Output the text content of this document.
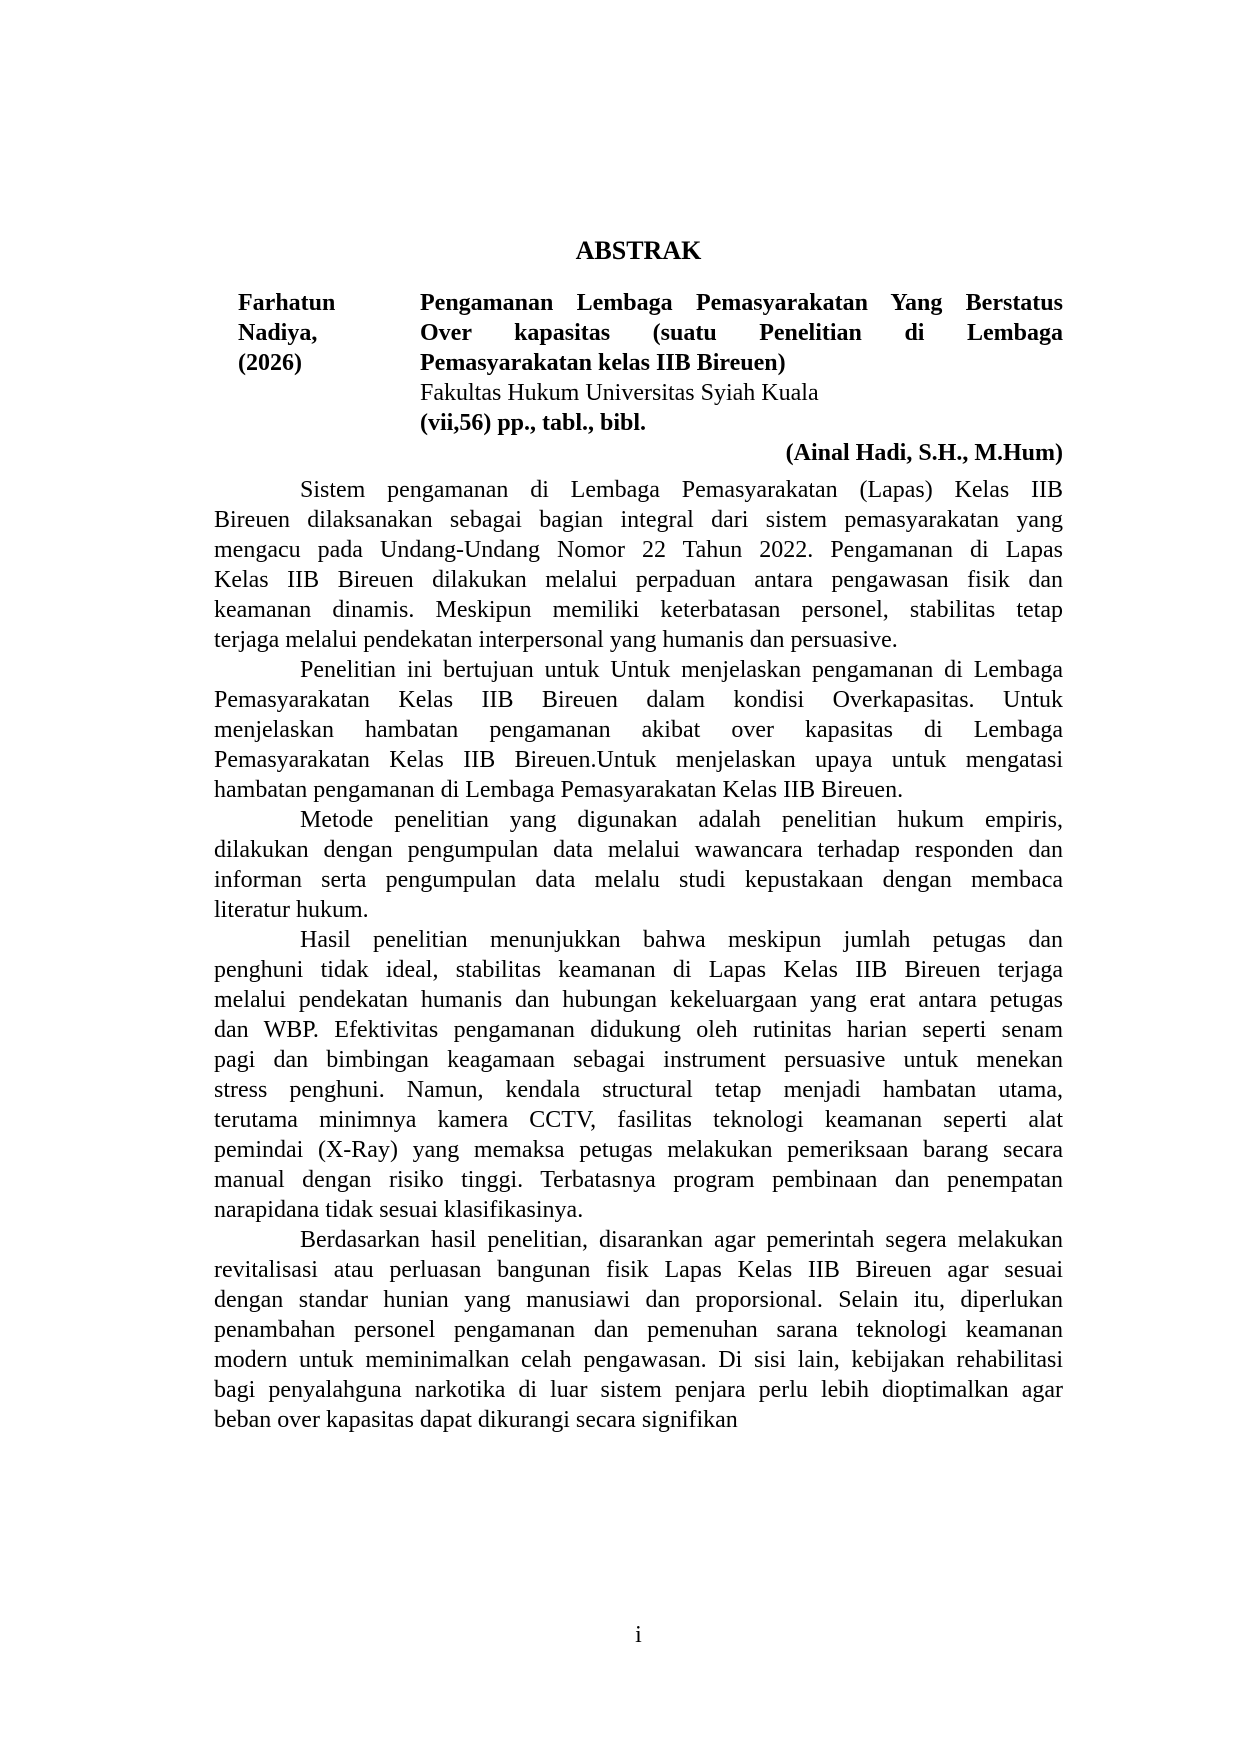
ABSTRAK
Farhatun
Nadiya,
(2026)
Pengamanan Lembaga Pemasyarakatan Yang Berstatus
Over kapasitas (suatu Penelitian di Lembaga
Pemasyarakatan kelas IIB Bireuen)
Fakultas Hukum Universitas Syiah Kuala
(vii,56) pp., tabl., bibl.
(Ainal Hadi, S.H., M.Hum)
Sistem pengamanan di Lembaga Pemasyarakatan (Lapas) Kelas IIB
Bireuen dilaksanakan sebagai bagian integral dari sistem pemasyarakatan yang
mengacu pada Undang-Undang Nomor 22 Tahun 2022. Pengamanan di Lapas
Kelas IIB Bireuen dilakukan melalui perpaduan antara pengawasan fisik dan
keamanan dinamis. Meskipun memiliki keterbatasan personel, stabilitas tetap
terjaga melalui pendekatan interpersonal yang humanis dan persuasive.
Penelitian ini bertujuan untuk Untuk menjelaskan pengamanan di Lembaga
Pemasyarakatan Kelas IIB Bireuen dalam kondisi Overkapasitas. Untuk
menjelaskan hambatan pengamanan akibat over kapasitas di Lembaga
Pemasyarakatan Kelas IIB Bireuen.Untuk menjelaskan upaya untuk mengatasi
hambatan pengamanan di Lembaga Pemasyarakatan Kelas IIB Bireuen.
Metode penelitian yang digunakan adalah penelitian hukum empiris,
dilakukan dengan pengumpulan data melalui wawancara terhadap responden dan
informan serta pengumpulan data melalu studi kepustakaan dengan membaca
literatur hukum.
Hasil penelitian menunjukkan bahwa meskipun jumlah petugas dan
penghuni tidak ideal, stabilitas keamanan di Lapas Kelas IIB Bireuen terjaga
melalui pendekatan humanis dan hubungan kekeluargaan yang erat antara petugas
dan WBP. Efektivitas pengamanan didukung oleh rutinitas harian seperti senam
pagi dan bimbingan keagamaan sebagai instrument persuasive untuk menekan
stress penghuni. Namun, kendala structural tetap menjadi hambatan utama,
terutama minimnya kamera CCTV, fasilitas teknologi keamanan seperti alat
pemindai (X-Ray) yang memaksa petugas melakukan pemeriksaan barang secara
manual dengan risiko tinggi. Terbatasnya program pembinaan dan penempatan
narapidana tidak sesuai klasifikasinya.
Berdasarkan hasil penelitian, disarankan agar pemerintah segera melakukan
revitalisasi atau perluasan bangunan fisik Lapas Kelas IIB Bireuen agar sesuai
dengan standar hunian yang manusiawi dan proporsional. Selain itu, diperlukan
penambahan personel pengamanan dan pemenuhan sarana teknologi keamanan
modern untuk meminimalkan celah pengawasan. Di sisi lain, kebijakan rehabilitasi
bagi penyalahguna narkotika di luar sistem penjara perlu lebih dioptimalkan agar
beban over kapasitas dapat dikurangi secara signifikan
i
